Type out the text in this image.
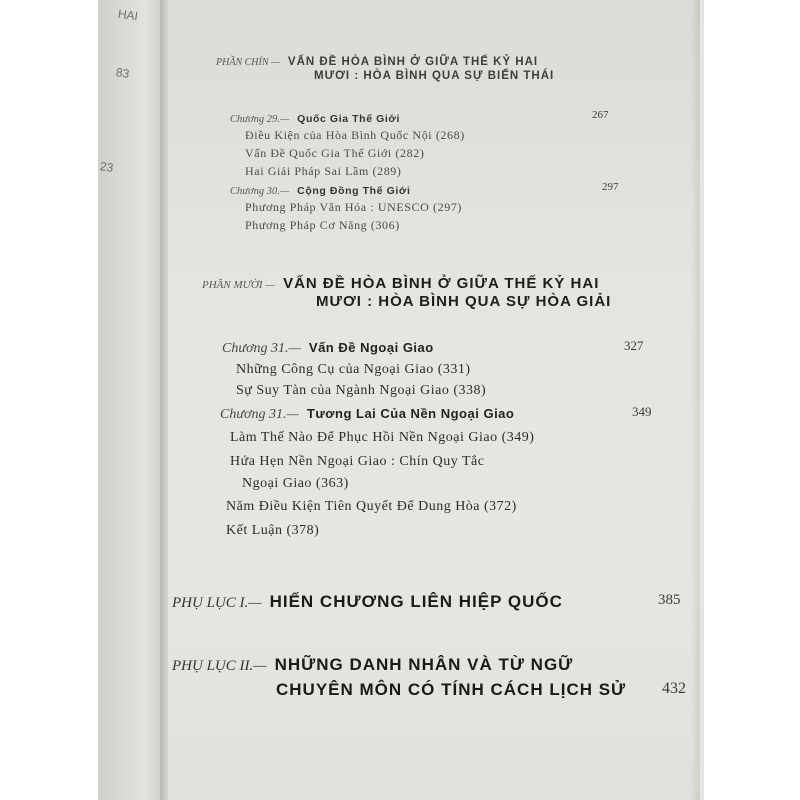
HAI
83
23
PHẦN CHÍN — VẤN ĐỀ HÒA BÌNH Ở GIỮA THẾ KỶ HAI
MƯƠI : HÒA BÌNH QUA SỰ BIẾN THÁI
Chương 29.— Quốc Gia Thế Giới	267
Điều Kiện của Hòa Bình Quốc Nội (268)
Vấn Đề Quốc Gia Thế Giới (282)
Hai Giải Pháp Sai Lầm (289)
Chương 30.— Cộng Đồng Thế Giới	297
Phương Pháp Văn Hóa : UNESCO (297)
Phương Pháp Cơ Năng (306)
PHẦN MƯỜI — VẤN ĐỀ HÒA BÌNH Ở GIỮA THẾ KỶ HAI
MƯƠI : HÒA BÌNH QUA SỰ HÒA GIẢI
Chương 31.— Vấn Đề Ngoại Giao	327
Những Công Cụ của Ngoại Giao (331)
Sự Suy Tàn của Ngành Ngoại Giao (338)
Chương 31.— Tương Lai Của Nền Ngoại Giao	349
Làm Thế Nào Để Phục Hồi Nền Ngoại Giao (349)
Hứa Hẹn Nền Ngoại Giao : Chín Quy Tắc
Ngoại Giao (363)
Năm Điều Kiện Tiên Quyết Để Dung Hòa (372)
Kết Luận (378)
PHỤ LỤC I.— HIẾN CHƯƠNG LIÊN HIỆP QUỐC	385
PHỤ LỤC II.— NHỮNG DANH NHÂN VÀ TỪ NGỮ
CHUYÊN MÔN CÓ TÍNH CÁCH LỊCH SỬ 432
